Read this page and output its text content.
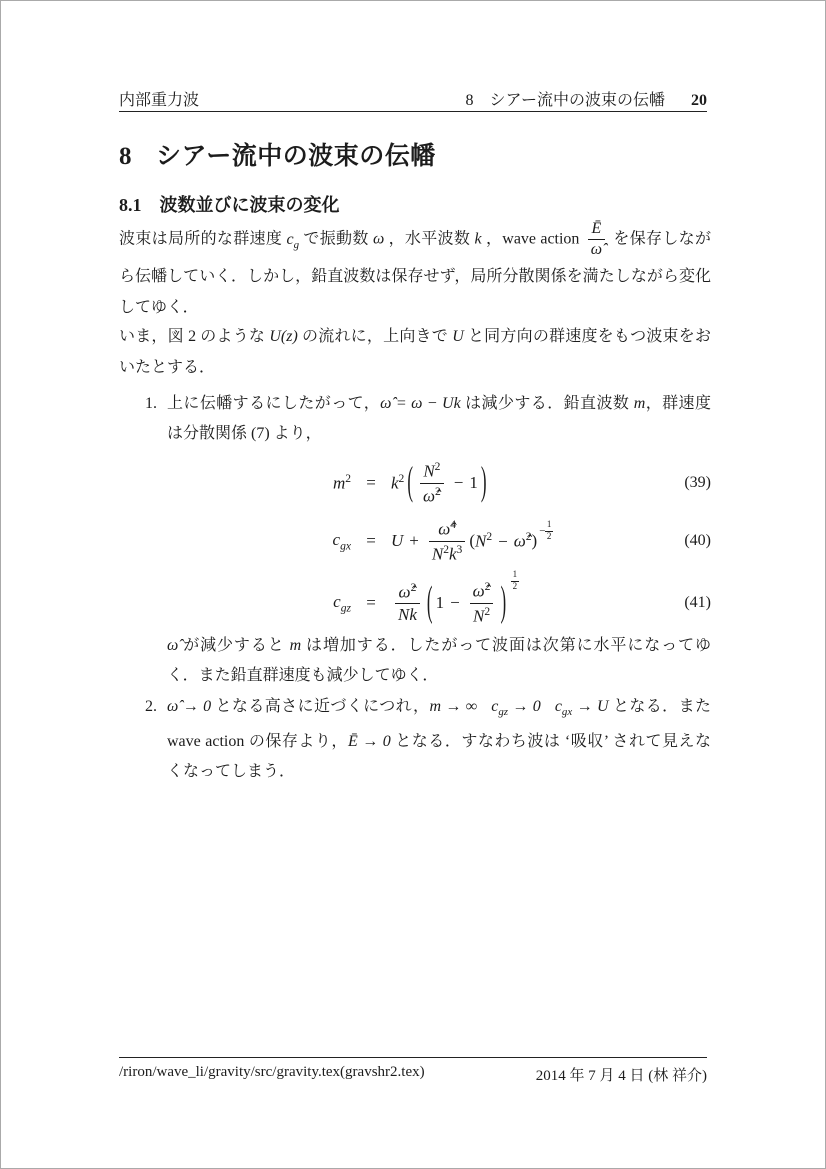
内部重力波	8　シアー流中の波束の伝幡 20
8 シアー流中の波束の伝幡
8.1 波数並びに波束の変化
波束は局所的な群速度 $c_g$ で振動数 ω ，水平波数 k ，wave action $\frac{Ē}{\omegâ}$ を保存しながら伝幡していく．しかし，鉛直波数は保存せず，局所分散関係を満たしながら変化してゆく．
いま，図 2 のような U(z) の流れに，上向きで U と同方向の群速度をもつ波束をおいたとする．
1. 上に伝幡するにしたがって，ω̂ = ω − Uk は減少する．鉛直波数 m，群速度は分散関係 (7) より，
$m^2 = k^2$ ( $\frac{N^2}{\omegâ^2} - 1$ )	(39)
$c_{gx} = U + \frac{\omegâ^4}{N^2k^3}$ ( $N^2$ − ω̂$^2$ ) − $\frac{1}{2}$	(40)
$c_{gz}$ =	$\frac{\omegâ^2}{Nk}$ ( $1 - \frac{\omegâ^2}{N^2}$ ) $\frac{1}{2}$
(41)
ω̂ が減少すると m は増加する．したがって波面は次第に水平になってゆく．また鉛直群速度も減少してゆく．
2. ω̂ → 0 となる高さに近づくにつれ，m → ∞ $c_{gz} \to 0$ $c_{gx} \to U$ となる．また wave action の保存より，Ē → 0 となる．すなわち波は ‘吸収’ されて見えなくなってしまう．
/riron/wave_li/gravity/src/gravity.tex(gravshr2.tex)	2014 年 7 月 4 日 (林 祥介)
